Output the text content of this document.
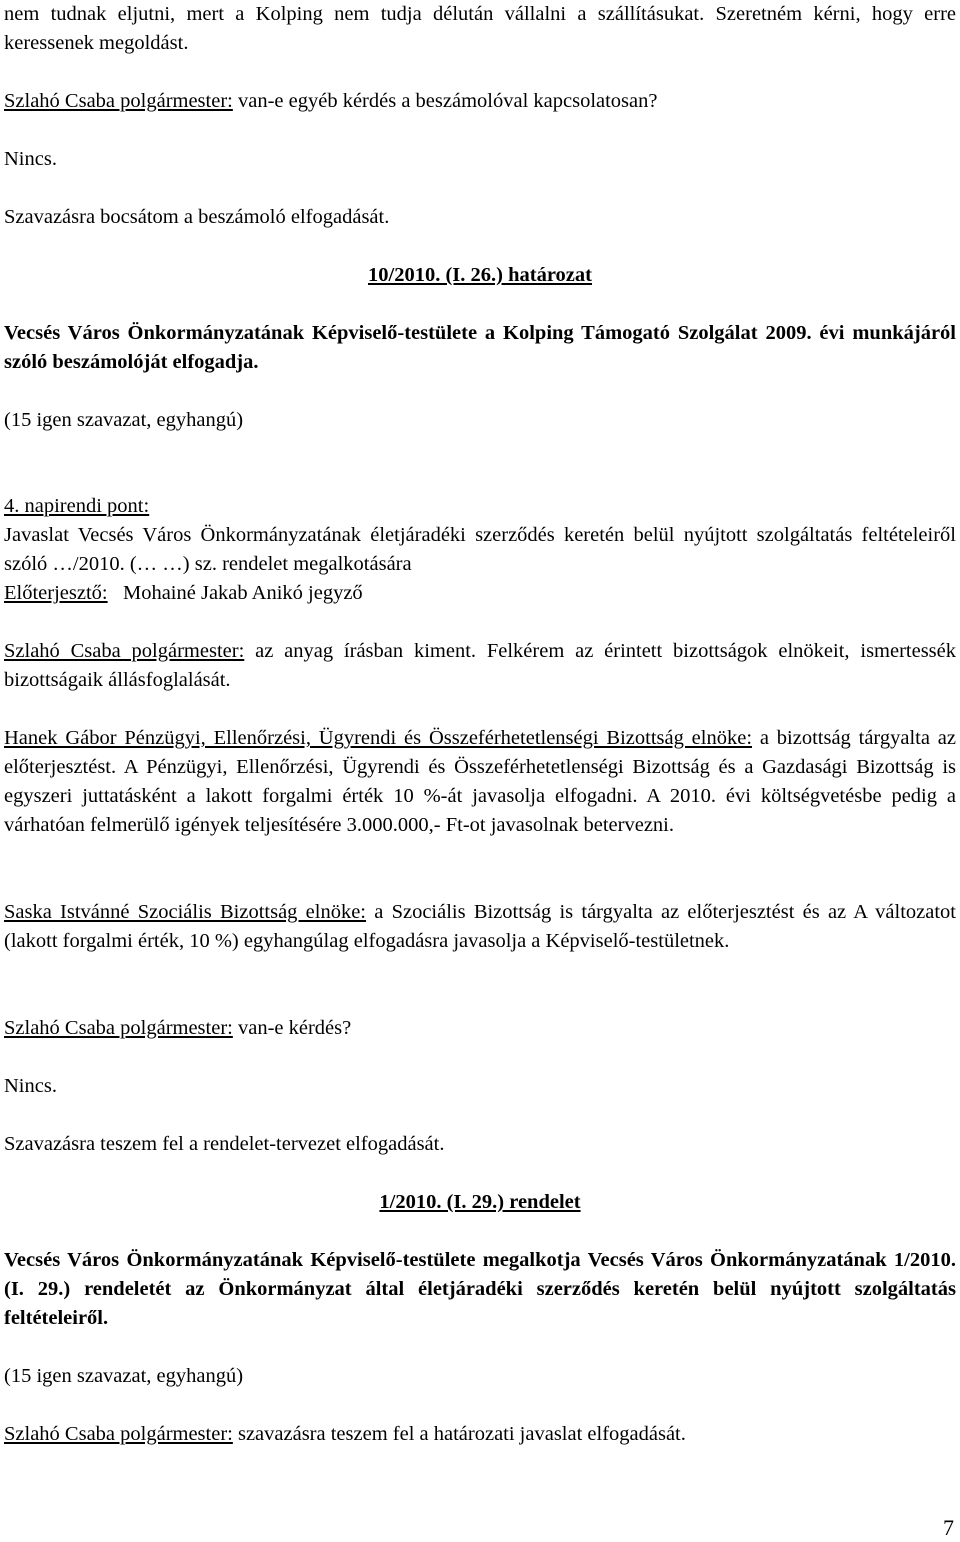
nem tudnak eljutni, mert a Kolping nem tudja délután vállalni a szállításukat. Szeretném kérni, hogy erre keressenek megoldást.
Szlahó Csaba polgármester: van-e egyéb kérdés a beszámolóval kapcsolatosan?
Nincs.
Szavazásra bocsátom a beszámoló elfogadását.
10/2010. (I. 26.) határozat
Vecsés Város Önkormányzatának Képviselő-testülete a Kolping Támogató Szolgálat 2009. évi munkájáról szóló beszámolóját elfogadja.
(15 igen szavazat, egyhangú)
4. napirendi pont:
Javaslat Vecsés Város Önkormányzatának életjáradéki szerződés keretén belül nyújtott szolgáltatás feltételeiről szóló …/2010. (… …) sz. rendelet megalkotására
Előterjesztő: Mohainé Jakab Anikó jegyző
Szlahó Csaba polgármester: az anyag írásban kiment. Felkérem az érintett bizottságok elnökeit, ismertessék bizottságaik állásfoglalását.
Hanek Gábor Pénzügyi, Ellenőrzési, Ügyrendi és Összeférhetetlenségi Bizottság elnöke: a bizottság tárgyalta az előterjesztést. A Pénzügyi, Ellenőrzési, Ügyrendi és Összeférhetetlenségi Bizottság és a Gazdasági Bizottság is egyszeri juttatásként a lakott forgalmi érték 10 %-át javasolja elfogadni. A 2010. évi költségvetésbe pedig a várhatóan felmerülő igények teljesítésére 3.000.000,- Ft-ot javasolnak betervezni.
Saska Istvánné Szociális Bizottság elnöke: a Szociális Bizottság is tárgyalta az előterjesztést és az A változatot (lakott forgalmi érték, 10 %) egyhangúlag elfogadásra javasolja a Képviselő-testületnek.
Szlahó Csaba polgármester: van-e kérdés?
Nincs.
Szavazásra teszem fel a rendelet-tervezet elfogadását.
1/2010. (I. 29.) rendelet
Vecsés Város Önkormányzatának Képviselő-testülete megalkotja Vecsés Város Önkormányzatának 1/2010. (I. 29.) rendeletét az Önkormányzat által életjáradéki szerződés keretén belül nyújtott szolgáltatás feltételeiről.
(15 igen szavazat, egyhangú)
Szlahó Csaba polgármester: szavazásra teszem fel a határozati javaslat elfogadását.
7
